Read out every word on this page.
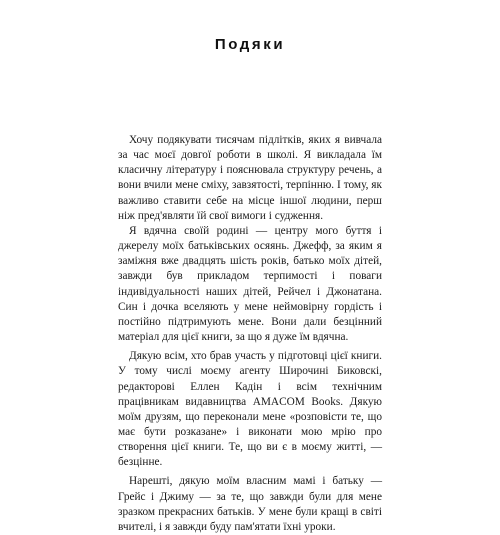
Подяки

Хочу подякувати тисячам підлітків, яких я вивчала за час моєї довгої роботи в школі. Я викладала їм класичну літературу і пояснювала структуру речень, а вони вчили мене сміху, завзятості, терпінню. І тому, як важливо ставити себе на місце іншої людини, перш ніж пред'являти їй свої вимоги і судження.

Я вдячна своїй родині — центру мого буття і джерелу моїх батьківських осяянь. Джефф, за яким я заміжня вже двадцять шість років, батько моїх дітей, завжди був прикладом терпимості і поваги індивідуальності наших дітей, Рейчел і Джонатана. Син і дочка вселяють у мене неймовірну гордість і постійно підтримують мене. Вони дали безцінний матеріал для цієї книги, за що я дуже їм вдячна.

Дякую всім, хто брав участь у підготовці цієї книги. У тому числі моєму агенту Широчині Биковскі, редакторові Еллен Кадін і всім технічним працівникам видавництва AMACOM Books. Дякую моїм друзям, що переконали мене «розповісти те, що має бути розказане» і виконати мою мрію про створення цієї книги. Те, що ви є в моєму житті, — безцінне.

Нарешті, дякую моїм власним мамі і батьку — Грейс і Джиму — за те, що завжди були для мене зразком прекрасних батьків. У мене були кращі в світі вчителі, і я завжди буду пам'ятати їхні уроки.
